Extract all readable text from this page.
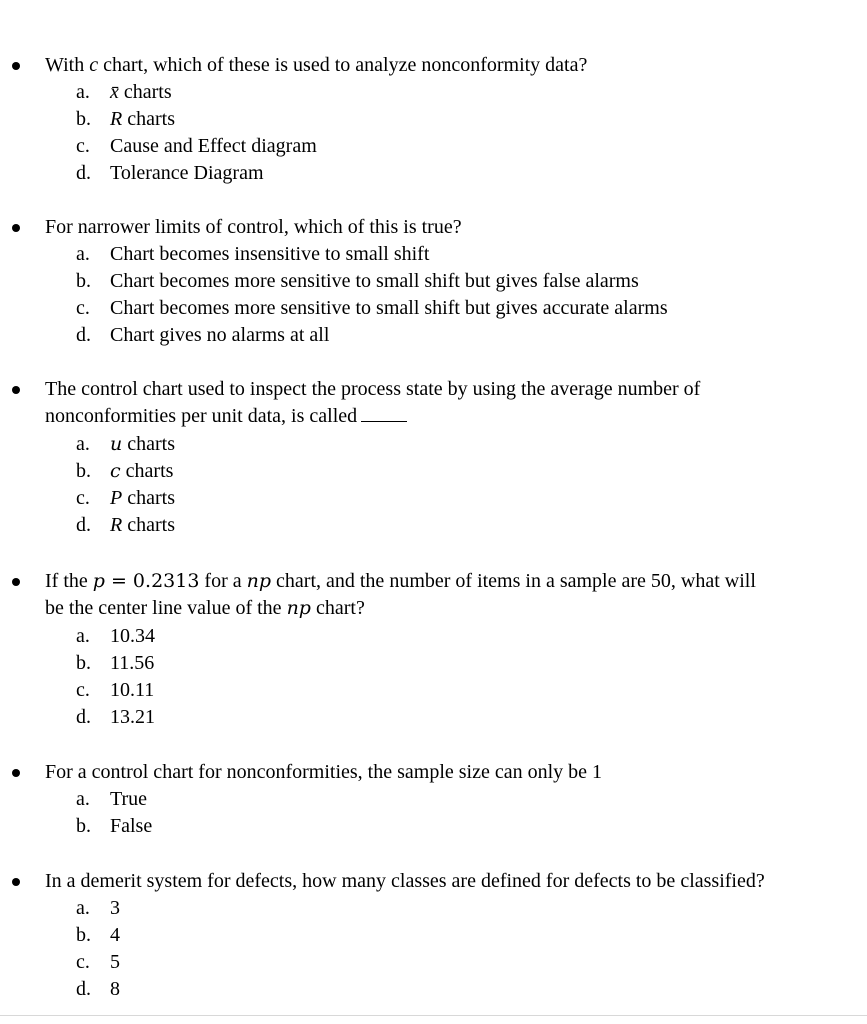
With c chart, which of these is used to analyze nonconformity data?
a. x̄ charts
b. R charts
c. Cause and Effect diagram
d. Tolerance Diagram
For narrower limits of control, which of this is true?
a. Chart becomes insensitive to small shift
b. Chart becomes more sensitive to small shift but gives false alarms
c. Chart becomes more sensitive to small shift but gives accurate alarms
d. Chart gives no alarms at all
The control chart used to inspect the process state by using the average number of
nonconformities per unit data, is called
a. u charts
b. c charts
c. P charts
d. R charts
If the p = 0.2313 for a np chart, and the number of items in a sample are 50, what will
be the center line value of the np chart?
a. 10.34
b. 11.56
c. 10.11
d. 13.21
For a control chart for nonconformities, the sample size can only be 1
a. True
b. False
In a demerit system for defects, how many classes are defined for defects to be classified?
a. 3
b. 4
c. 5
d. 8
